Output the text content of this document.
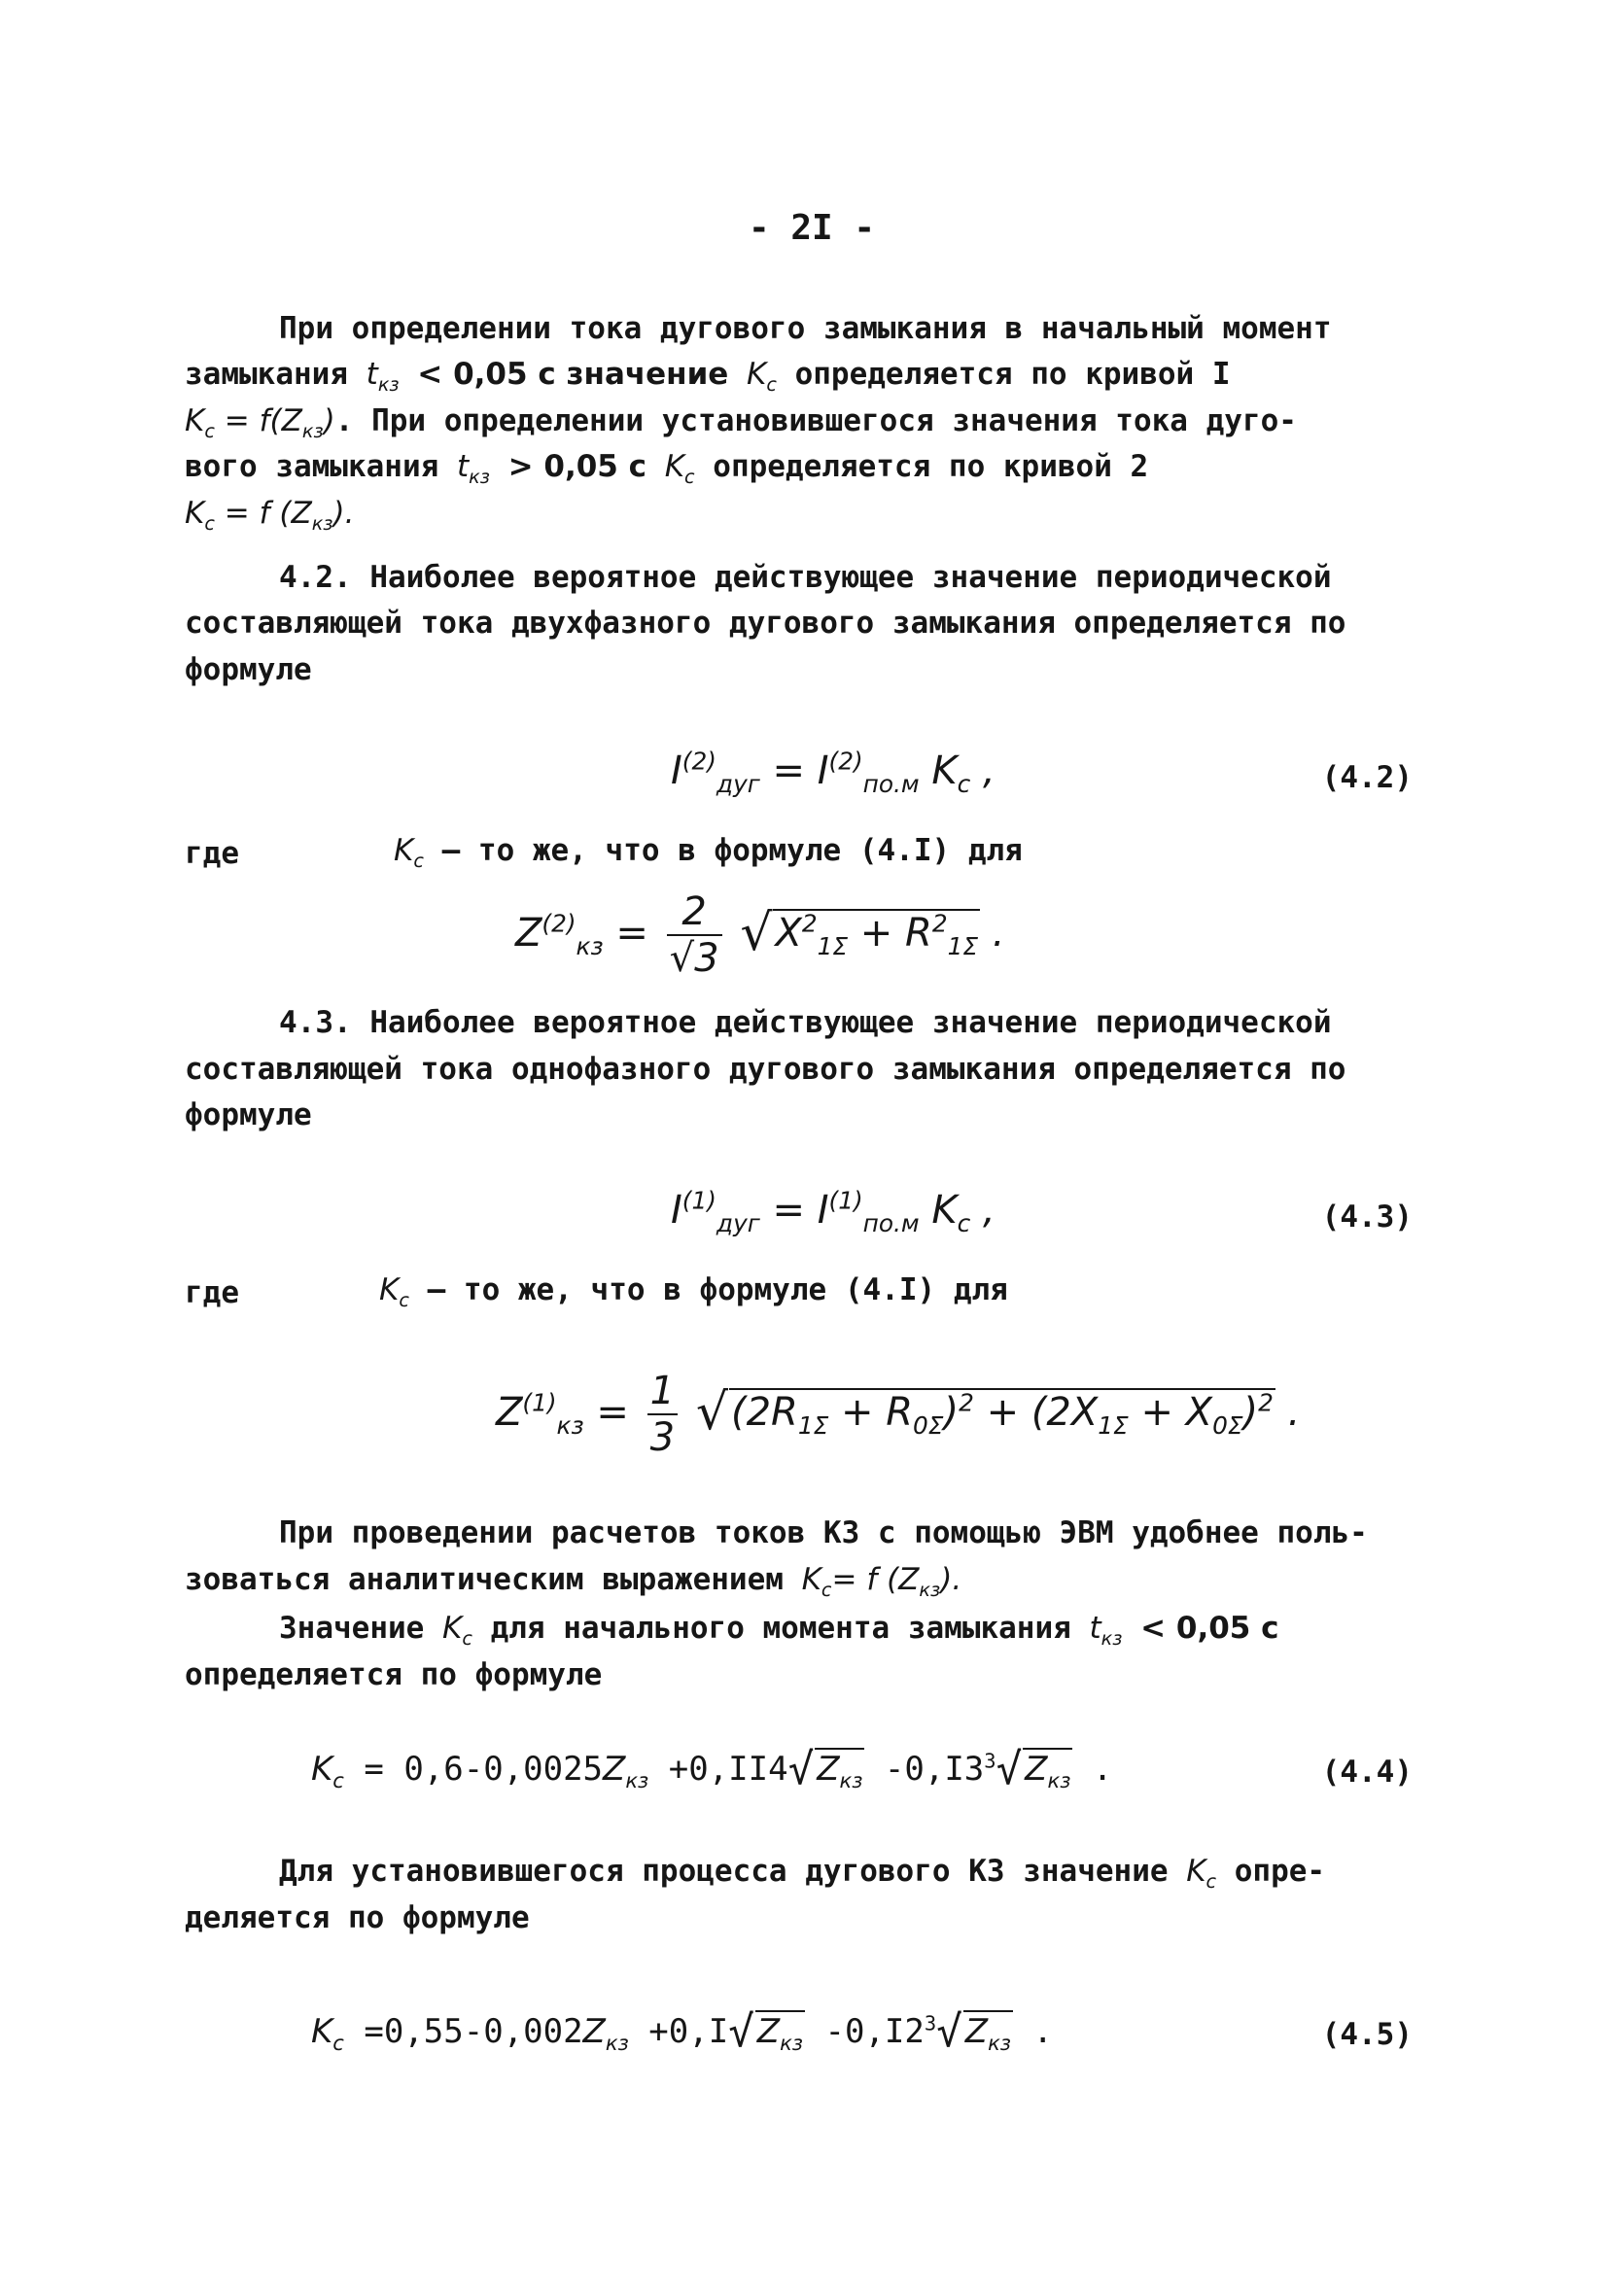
- 2I -
При определении тока дугового замыкания в начальный момент
замыкания $t_{кз} < 0,05$ с значение $K_c$ определяется по кривой I
$K_c = f(Z_{кз})$. При определении установившегося значения тока дуго-
вого замыкания $t_{кз} > 0,05$ с $K_c$ определяется по кривой 2
$K_c = f$ $(Z_{кз})$.
4.2. Наиболее вероятное действующее значение периодической
составляющей тока двухфазного дугового замыкания определяется по
формуле
$I^{(2)}_{дуг} = I^{(2)}_{по.м}$ $K_c$ ,	(4.2)
где	$K_c$ – то же, что в формуле (4.I) для
$Z^{(2)}_{кз} = \frac{2}{√3} √X^2_{1\Sigma} + R^2_{1\Sigma}$ .
4.3. Наиболее вероятное действующее значение периодической
составляющей тока однофазного дугового замыкания определяется по
формуле
$I^{(1)}_{дуг} = I^{(1)}_{по.м}$ $K_c$ ,	(4.3)
где	$K_c$ – то же, что в формуле (4.I) для
$Z^{(1)}_{кз} = \frac{1}{3} √(2R_{1\Sigma} + R_{0\Sigma})^2 + (2X_{1\Sigma} + X_{0\Sigma})^2$ .
При проведении расчетов токов КЗ с помощью ЭВМ удобнее поль-
зоваться аналитическим выражением $K_c= f$ $(Z_{кз})$.
Значение $K_c$ для начального момента замыкания $t_{кз} < 0,05$ с
определяется по формуле
$K_c = 0,6-0,0025Z_{кз} +0,II4√Z_{кз}$ $-0,I3^3√Z_{кз}$ .	(4.4)
Для установившегося процесса дугового КЗ значение $K_c$ опре-
деляется по формуле
$K_c =0,55-0,002Z_{кз} +0,I√Z_{кз}$ $-0,I2^3√Z_{кз}$ .	(4.5)
